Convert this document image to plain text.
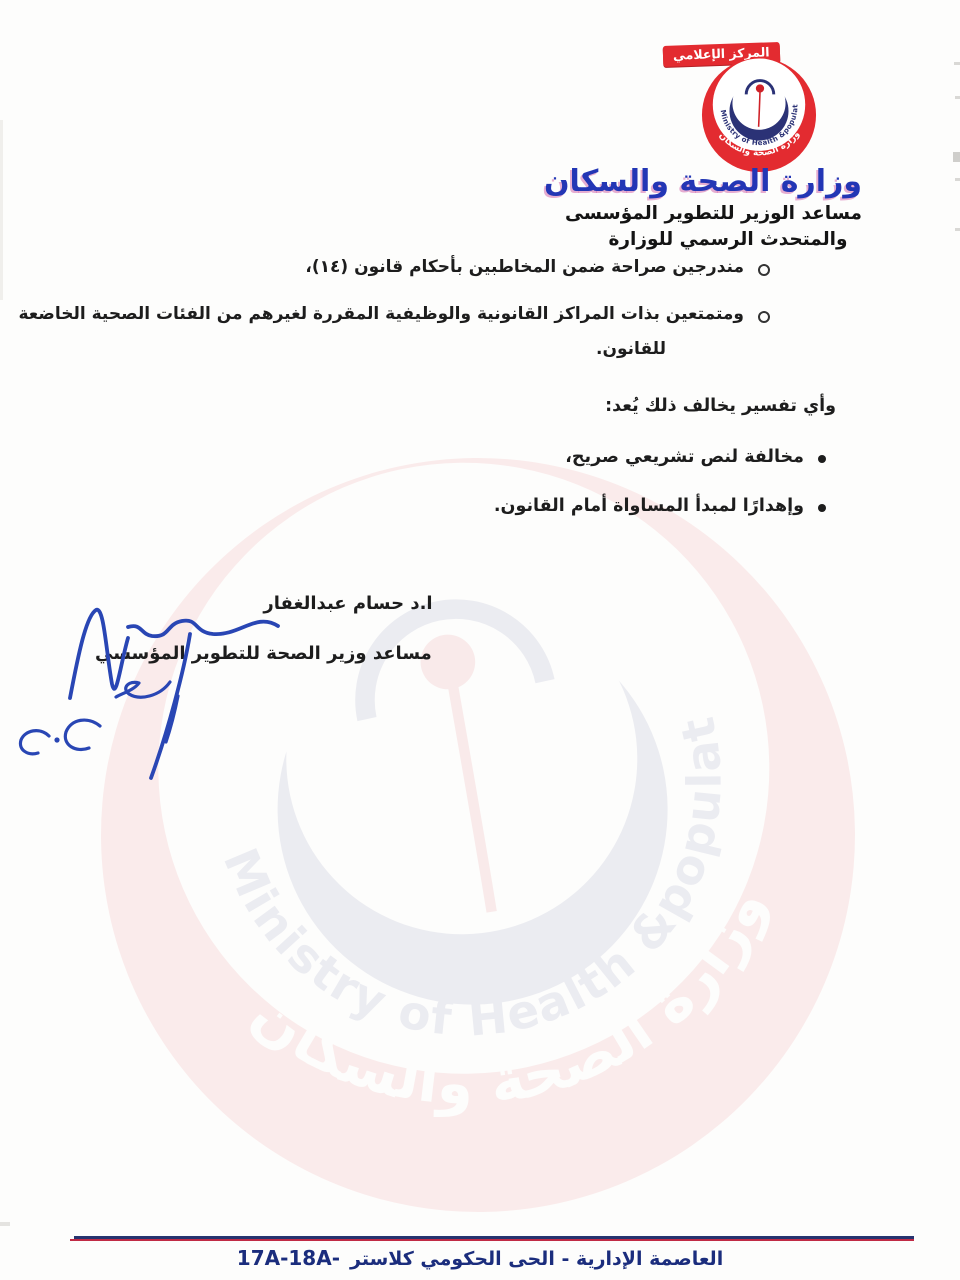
المركز الإعلامي
وزارة الصحة والسكان
مساعد الوزير للتطوير المؤسسى
والمتحدث الرسمي للوزارة
مندرجين صراحة ضمن المخاطبين بأحكام قانون (١٤)،
ومتمتعين بذات المراكز القانونية والوظيفية المقررة لغيرهم من الفئات الصحية الخاضعة
للقانون.
وأي تفسير يخالف ذلك يُعد:
مخالفة لنص تشريعي صريح،
وإهدارًا لمبدأ المساواة أمام القانون.
ا.د حسام عبدالغفار
مساعد وزير الصحة للتطوير المؤسسي
العاصمة الإدارية - الحى الحكومي كلاستر
17A-18A-
